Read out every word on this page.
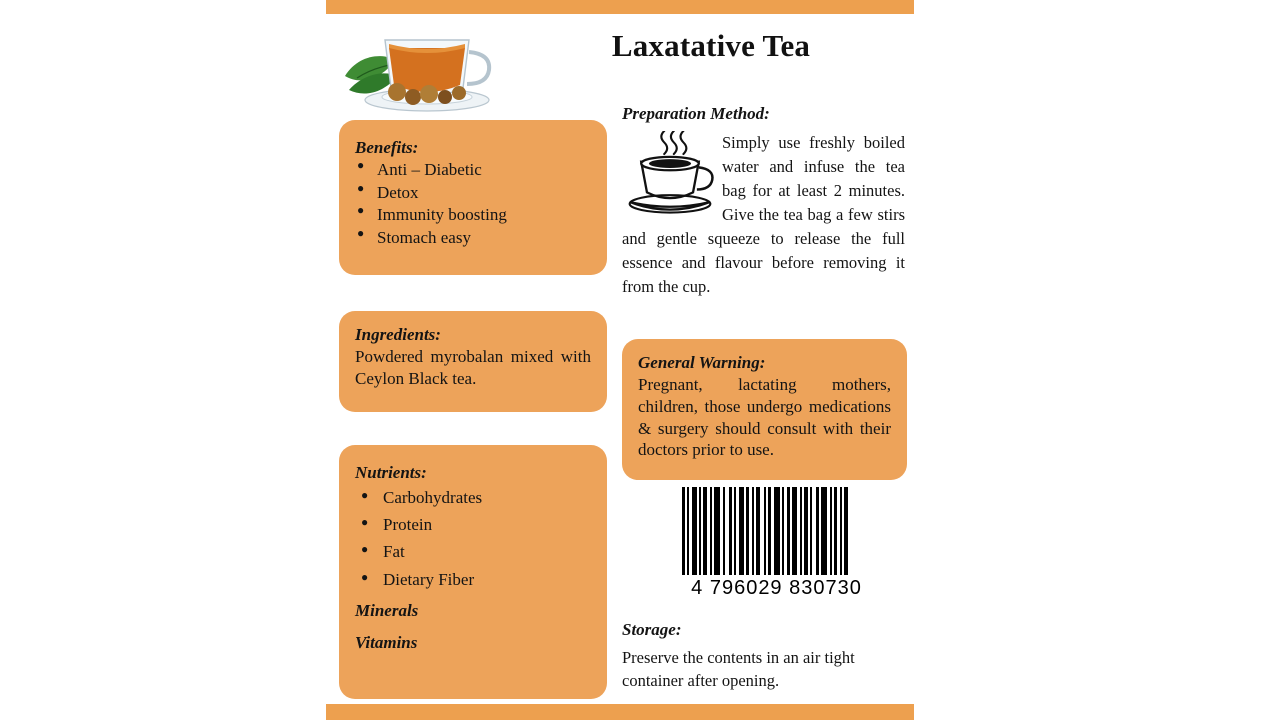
Laxatative Tea
Benefits:
● Anti – Diabetic
● Detox
● Immunity boosting
● Stomach easy
Ingredients:
Powdered myrobalan mixed with Ceylon Black tea.
Nutrients:
● Carbohydrates
● Protein
● Fat
● Dietary Fiber
Minerals
Vitamins
Preparation Method:
Simply use freshly boiled water and infuse the tea bag for at least 2 minutes. Give the tea bag a few stirs and gentle squeeze to release the full essence and flavour before removing it from the cup.
General Warning:
Pregnant, lactating mothers, children, those undergo medications & surgery should consult with their doctors prior to use.
4 796029 830730
Storage:
Preserve the contents in an air tight container after opening.
